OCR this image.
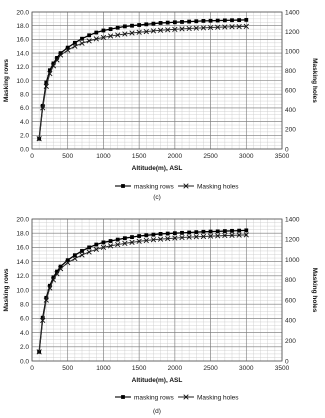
0	500	1000	1500	2000	2500	3000	3500
0.0
2.0
4.0
6.0
8.0
10.0
12.0
14.0
16.0
18.0
20.0
0
200
400
600
800
1000
1200
1400
Altitude(m), ASL
Masking rows	Masking holes
masking rows	Masking holes
(c)
0	500	1000	1500	2000	2500	3000	3500
0.0
2.0
4.0
6.0
8.0
10.0
12.0
14.0
16.0
18.0
20.0
0
200
400
600
800
1000
1200
1400
Altitude(m), ASL
Masking rows	Masking holes
masking rows	Masking holes
(d)
